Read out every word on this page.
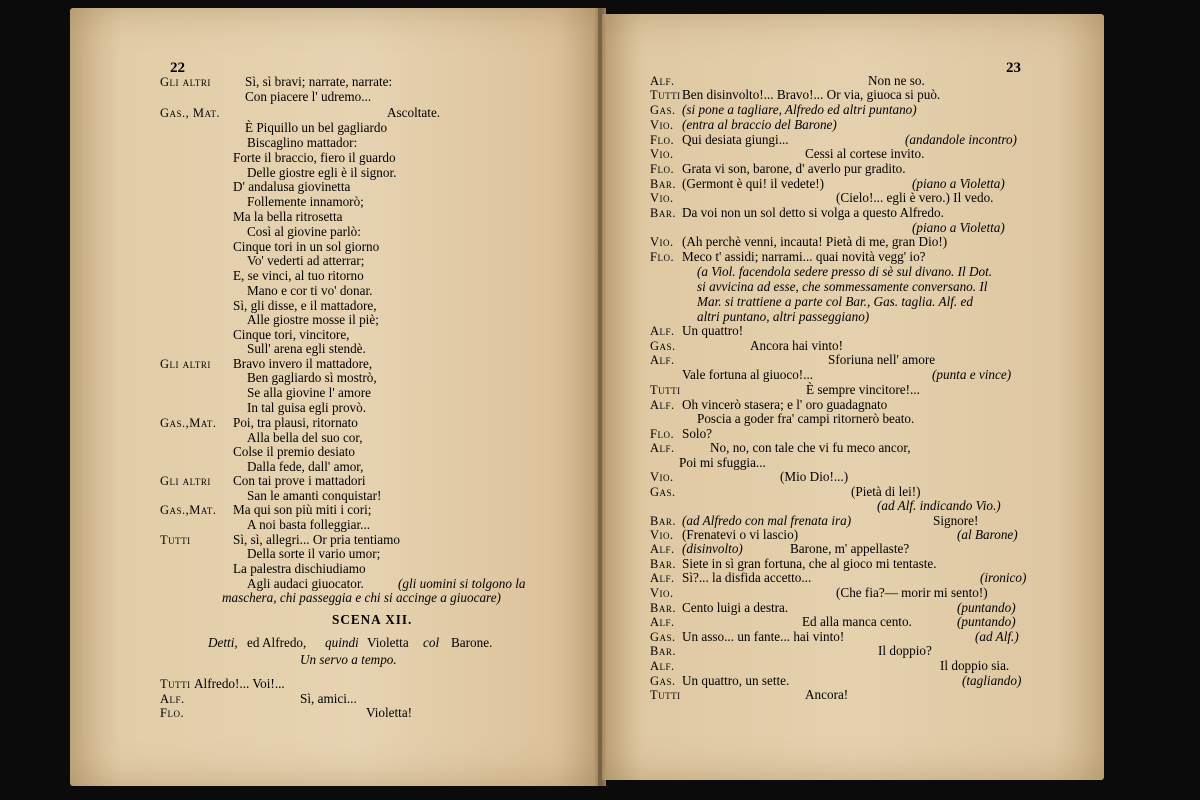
22	23
Gli altri	Sì, sì bravi; narrate, narrate:
Con piacere l' udremo...
Gas., Mat.	Ascoltate.
È Piquillo un bel gagliardo
Biscaglino mattador:
Forte il braccio, fiero il guardo
Delle giostre egli è il signor.
D' andalusa giovinetta
Follemente innamorò;
Ma la bella ritrosetta
Così al giovine parlò:
Cinque tori in un sol giorno
Vo' vederti ad atterrar;
E, se vinci, al tuo ritorno
Mano e cor ti vo' donar.
Sì, gli disse, e il mattadore,
Alle giostre mosse il piè;
Cinque tori, vincitore,
Sull' arena egli stendè.
Gli altri Bravo invero il mattadore,
Ben gagliardo sì mostrò,
Se alla giovine l' amore
In tal guisa egli provò.
Gas.,Mat. Poi, tra plausi, ritornato
Alla bella del suo cor,
Colse il premio desiato
Dalla fede, dall' amor,
Gli altri Con tai prove i mattadori
San le amanti conquistar!
Gas.,Mat. Ma qui son più miti i cori;
A noi basta folleggiar...
Tutti	Sì, sì, allegri... Or pria tentiamo
Della sorte il vario umor;
La palestra dischiudiamo
Agli audaci giuocator.	(gli uomini si tolgono la
maschera, chi passeggia e chi si accinge a giuocare)
SCENA XII.
ed Alfredo,
Detti,	Violetta
quindi	Barone.
col
Un servo a tempo.
Tutti Alfredo!... Voi!...
Alf.	Sì, amici...
Flo.	Violetta!
Alf.	Non ne so.
Tutti Ben disinvolto!... Bravo!... Or via, giuoca si può.
Gas. (si pone a tagliare, Alfredo ed altri puntano)
Vio. (entra al braccio del Barone)
Flo. Qui desiata giungi...	(andandole incontro)
Vio.	Cessi al cortese invito.
Flo. Grata vi son, barone, d' averlo pur gradito.
Bar. (Germont è qui! il vedete!)	(piano a Violetta)
Vio.	(Cielo!... egli è vero.) Il vedo.
Bar. Da voi non un sol detto si volga a questo Alfredo.
(piano a Violetta)
Vio. (Ah perchè venni, incauta! Pietà di me, gran Dio!)
Flo. Meco t' assidi; narrami... quai novità vegg' io?
(a Viol. facendola sedere presso di sè sul divano. Il Dot.
si avvicina ad esse, che sommessamente conversano. Il
Mar. si trattiene a parte col Bar., Gas. taglia. Alf. ed
altri puntano, altri passeggiano)
Alf. Un quattro!
Gas.	Ancora hai vinto!
Alf.	Sforiuna nell' amore
Vale fortuna al giuoco!...	(punta e vince)
Tutti	È sempre vincitore!...
Alf. Oh vincerò stasera; e l' oro guadagnato
Poscia a goder fra' campi ritornerò beato.
Flo. Solo?
Alf.	No, no, con tale che vi fu meco ancor,
Poi mi sfuggia...
Vio.	(Mio Dio!...)
Gas.	(Pietà di lei!)
(ad Alf. indicando Vio.)
Bar.	Signore!
(ad Alfredo con mal frenata ira)
Vio. (Frenatevi o vi lascio)	(al Barone)
Alf.	Barone, m' appellaste?
(disinvolto)
Bar. Siete in sì gran fortuna, che al gioco mi tentaste.
Alf. Sì?... la disfida accetto...	(ironico)
Vio.	(Che fia?— morir mi sento!)
Bar. Cento luigi a destra.	(puntando)
Alf.	Ed alla manca cento.	(puntando)
Gas. Un asso... un fante... hai vinto!	(ad Alf.)
Bar.	Il doppio?
Alf.	Il doppio sia.
Gas. Un quattro, un sette.	(tagliando)
Tutti	Ancora!
